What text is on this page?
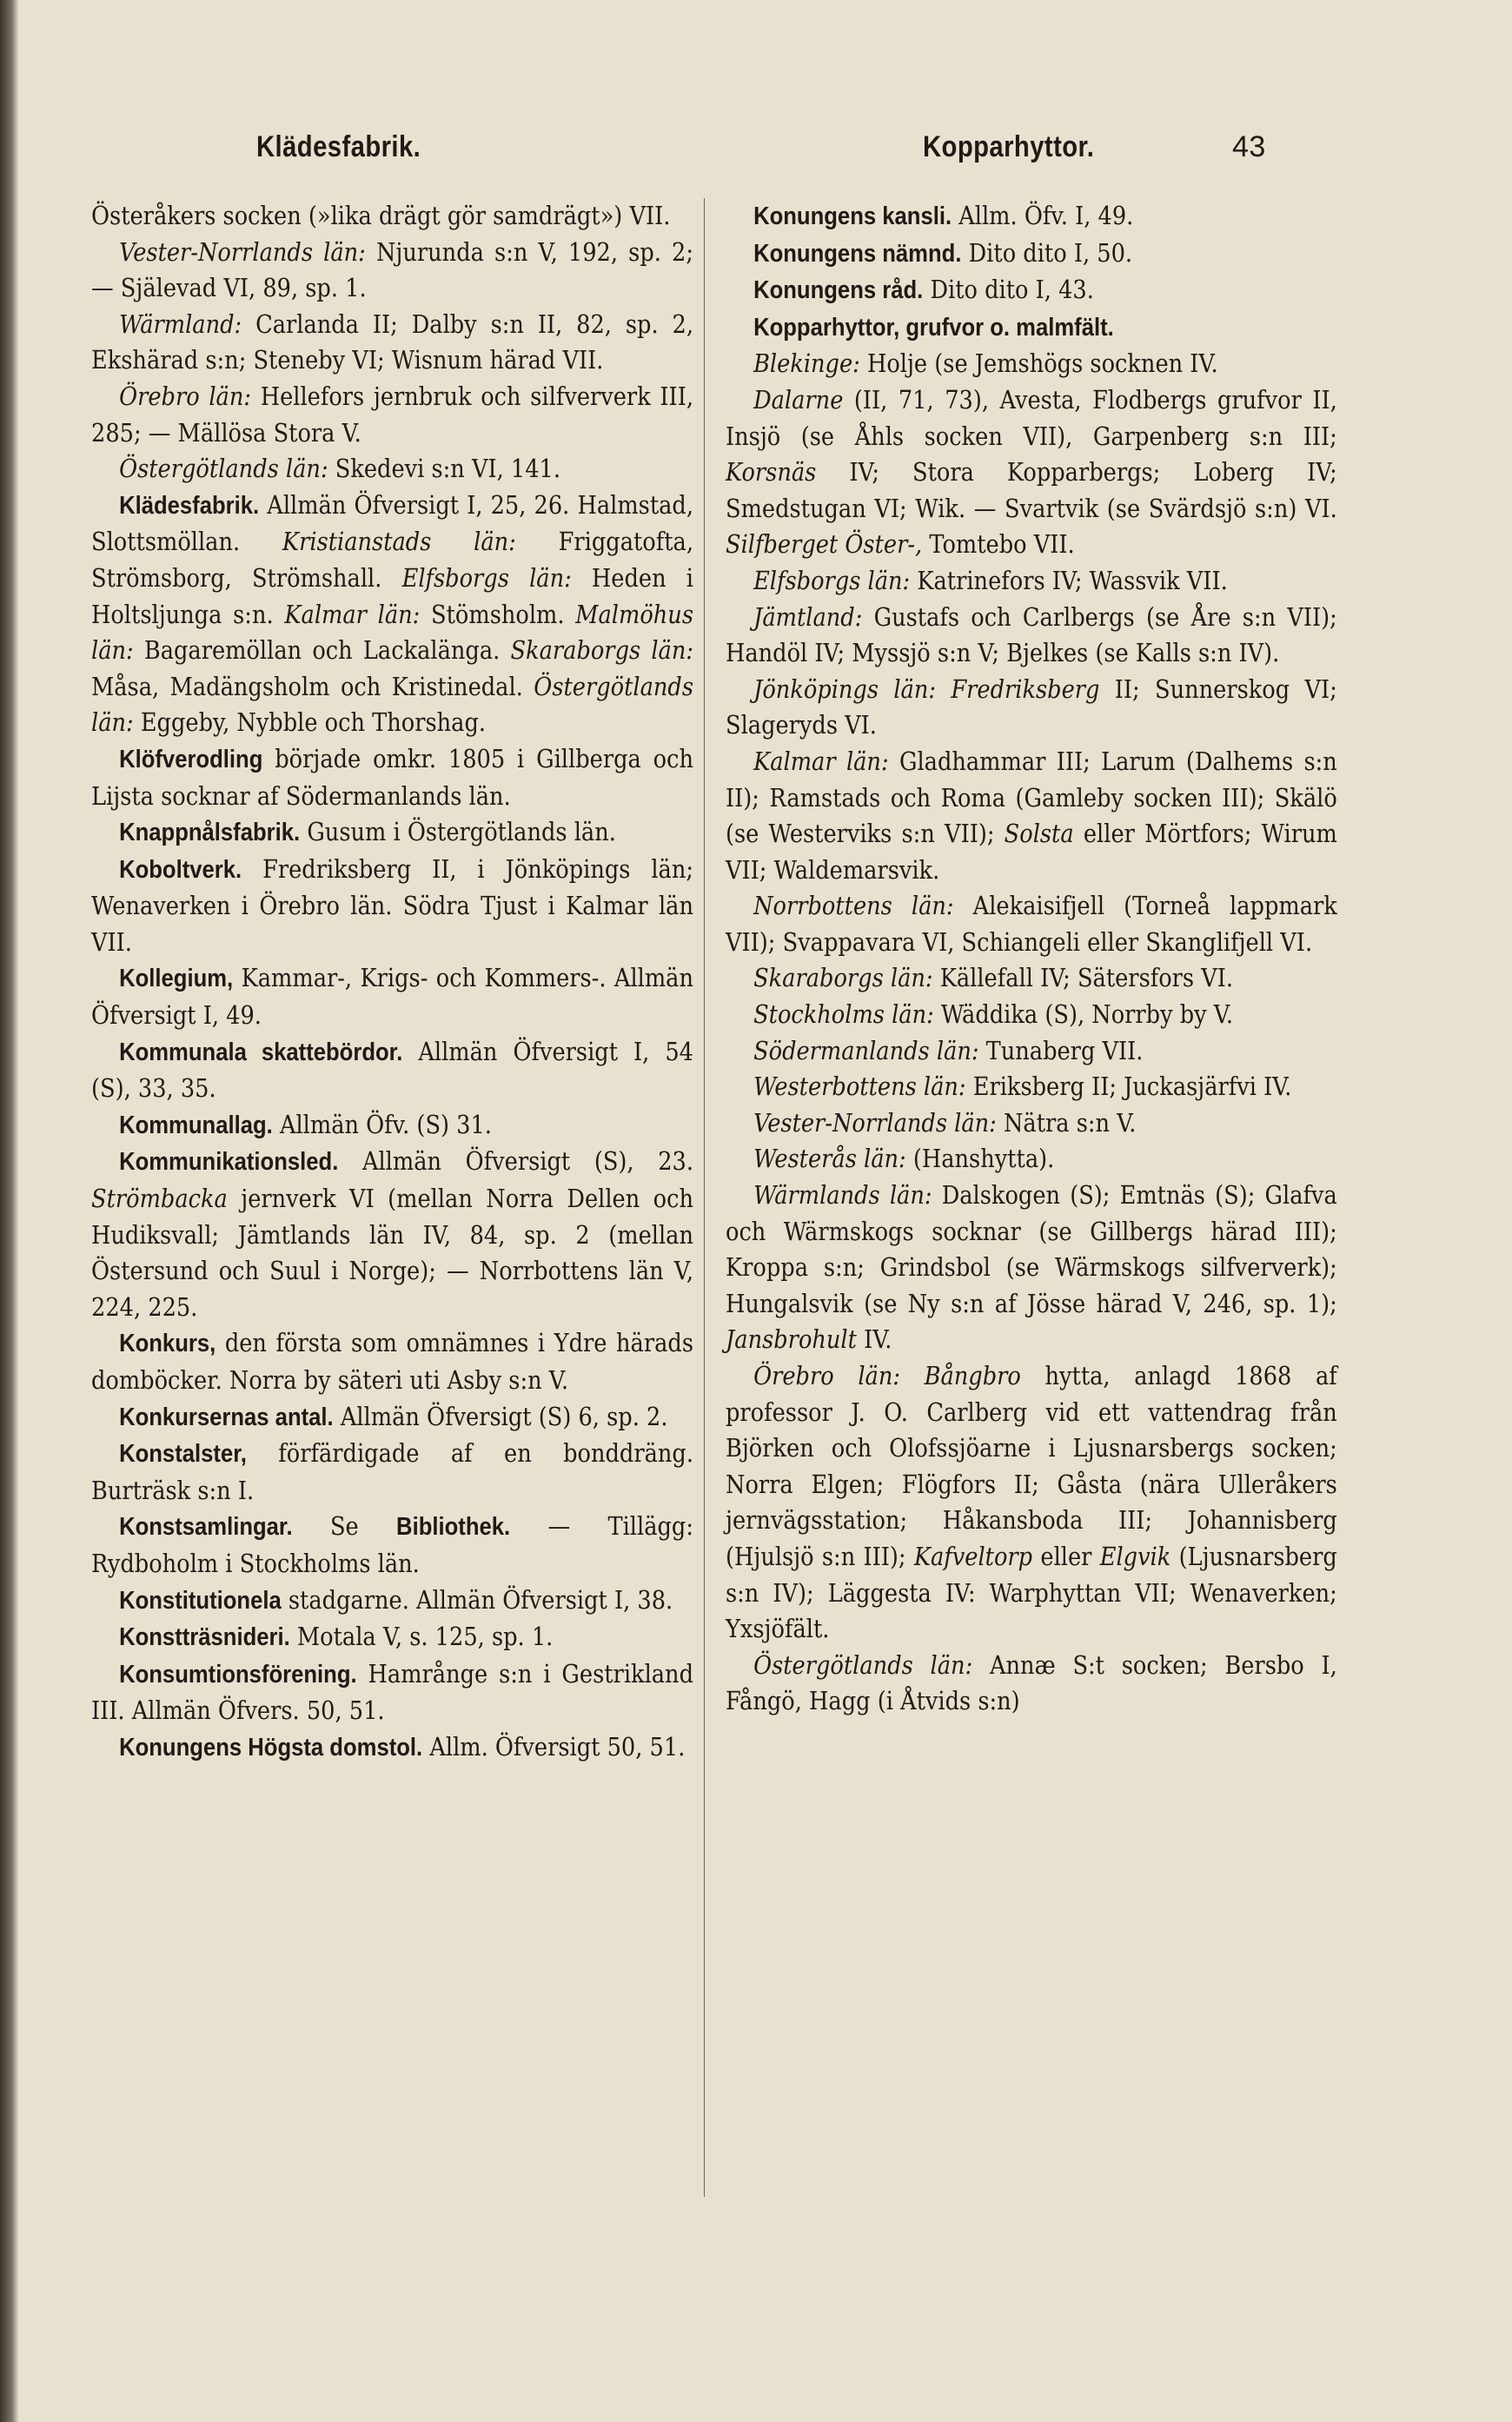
Klädesfabrik.	Kopparhyttor.	43

Österåkers socken (»lika drägt gör samdrägt») VII.

Vester-Norrlands län: Njurunda s:n V, 192, sp. 2; — Själevad VI, 89, sp. 1.

Wärmland: Carlanda II; Dalby s:n II, 82, sp. 2, Ekshärad s:n; Steneby VI; Wisnum härad VII.

Örebro län: Hellefors jernbruk och silfververk III, 285; — Mällösa Stora V.

Östergötlands län: Skedevi s:n VI, 141.

Klädesfabrik. Allmän Öfversigt I, 25, 26. Halmstad, Slottsmöllan. Kristianstads län: Friggatofta, Strömsborg, Strömshall. Elfsborgs län: Heden i Holtsljunga s:n. Kalmar län: Stömsholm. Malmöhus län: Bagaremöllan och Lackalänga. Skaraborgs län: Måsa, Madängsholm och Kristinedal. Östergötlands län: Eggeby, Nybble och Thorshag.

Klöfverodling började omkr. 1805 i Gillberga och Lijsta socknar af Södermanlands län.

Knappnålsfabrik. Gusum i Östergötlands län.

Koboltverk. Fredriksberg II, i Jönköpings län; Wenaverken i Örebro län. Södra Tjust i Kalmar län VII.

Kollegium, Kammar-, Krigs- och Kommers-. Allmän Öfversigt I, 49.

Kommunala skattebördor. Allmän Öfversigt I, 54 (S), 33, 35.

Kommunallag. Allmän Öfv. (S) 31.

Kommunikationsled. Allmän Öfversigt (S), 23. Strömbacka jernverk VI (mellan Norra Dellen och Hudiksvall; Jämtlands län IV, 84, sp. 2 (mellan Östersund och Suul i Norge); — Norrbottens län V, 224, 225.

Konkurs, den första som omnämnes i Ydre härads domböcker. Norra by säteri uti Asby s:n V.

Konkursernas antal. Allmän Öfversigt (S) 6, sp. 2.

Konstalster, förfärdigade af en bonddräng. Burträsk s:n I.

Konstsamlingar. Se Bibliothek. — Tillägg: Rydboholm i Stockholms län.

Konstitutionela stadgarne. Allmän Öfversigt I, 38.

Konstträsnideri. Motala V, s. 125, sp. 1.

Konsumtionsförening. Hamrånge s:n i Gestrikland III. Allmän Öfvers. 50, 51.

Konungens Högsta domstol. Allm. Öfversigt 50, 51.

Konungens kansli. Allm. Öfv. I, 49.

Konungens nämnd. Dito dito I, 50.

Konungens råd. Dito dito I, 43.

Kopparhyttor, grufvor o. malmfält.

Blekinge: Holje (se Jemshögs socknen IV.

Dalarne (II, 71, 73), Avesta, Flodbergs grufvor II, Insjö (se Åhls socken VII), Garpenberg s:n III; Korsnäs IV; Stora Kopparbergs; Loberg IV; Smedstugan VI; Wik. — Svartvik (se Svärdsjö s:n) VI. Silfberget Öster-, Tomtebo VII.

Elfsborgs län: Katrinefors IV; Wassvik VII.

Jämtland: Gustafs och Carlbergs (se Åre s:n VII); Handöl IV; Myssjö s:n V; Bjelkes (se Kalls s:n IV).

Jönköpings län: Fredriksberg II; Sunnerskog VI; Slageryds VI.

Kalmar län: Gladhammar III; Larum (Dalhems s:n II); Ramstads och Roma (Gamleby socken III); Skälö (se Westerviks s:n VII); Solsta eller Mörtfors; Wirum VII; Waldemarsvik.

Norrbottens län: Alekaisifjell (Torneå lappmark VII); Svappavara VI, Schiangeli eller Skanglifjell VI.

Skaraborgs län: Källefall IV; Sätersfors VI.

Stockholms län: Wäddika (S), Norrby by V.

Södermanlands län: Tunaberg VII.

Westerbottens län: Eriksberg II; Juckasjärfvi IV.

Vester-Norrlands län: Nätra s:n V.

Westerås län: (Hanshytta).

Wärmlands län: Dalskogen (S); Emtnäs (S); Glafva och Wärmskogs socknar (se Gillbergs härad III); Kroppa s:n; Grindsbol (se Wärmskogs silfververk); Hungalsvik (se Ny s:n af Jösse härad V, 246, sp. 1); Jansbrohult IV.

Örebro län: Bångbro hytta, anlagd 1868 af professor J. O. Carlberg vid ett vattendrag från Björken och Olofssjöarne i Ljusnarsbergs socken; Norra Elgen; Flögfors II; Gåsta (nära Ulleråkers jernvägsstation; Håkansboda III; Johannisberg (Hjulsjö s:n III); Kafveltorp eller Elgvik (Ljusnarsberg s:n IV); Läggesta IV: Warphyttan VII; Wenaverken; Yxsjöfält.

Östergötlands län: Annæ S:t socken; Bersbo I, Fångö, Hagg (i Åtvids s:n)
